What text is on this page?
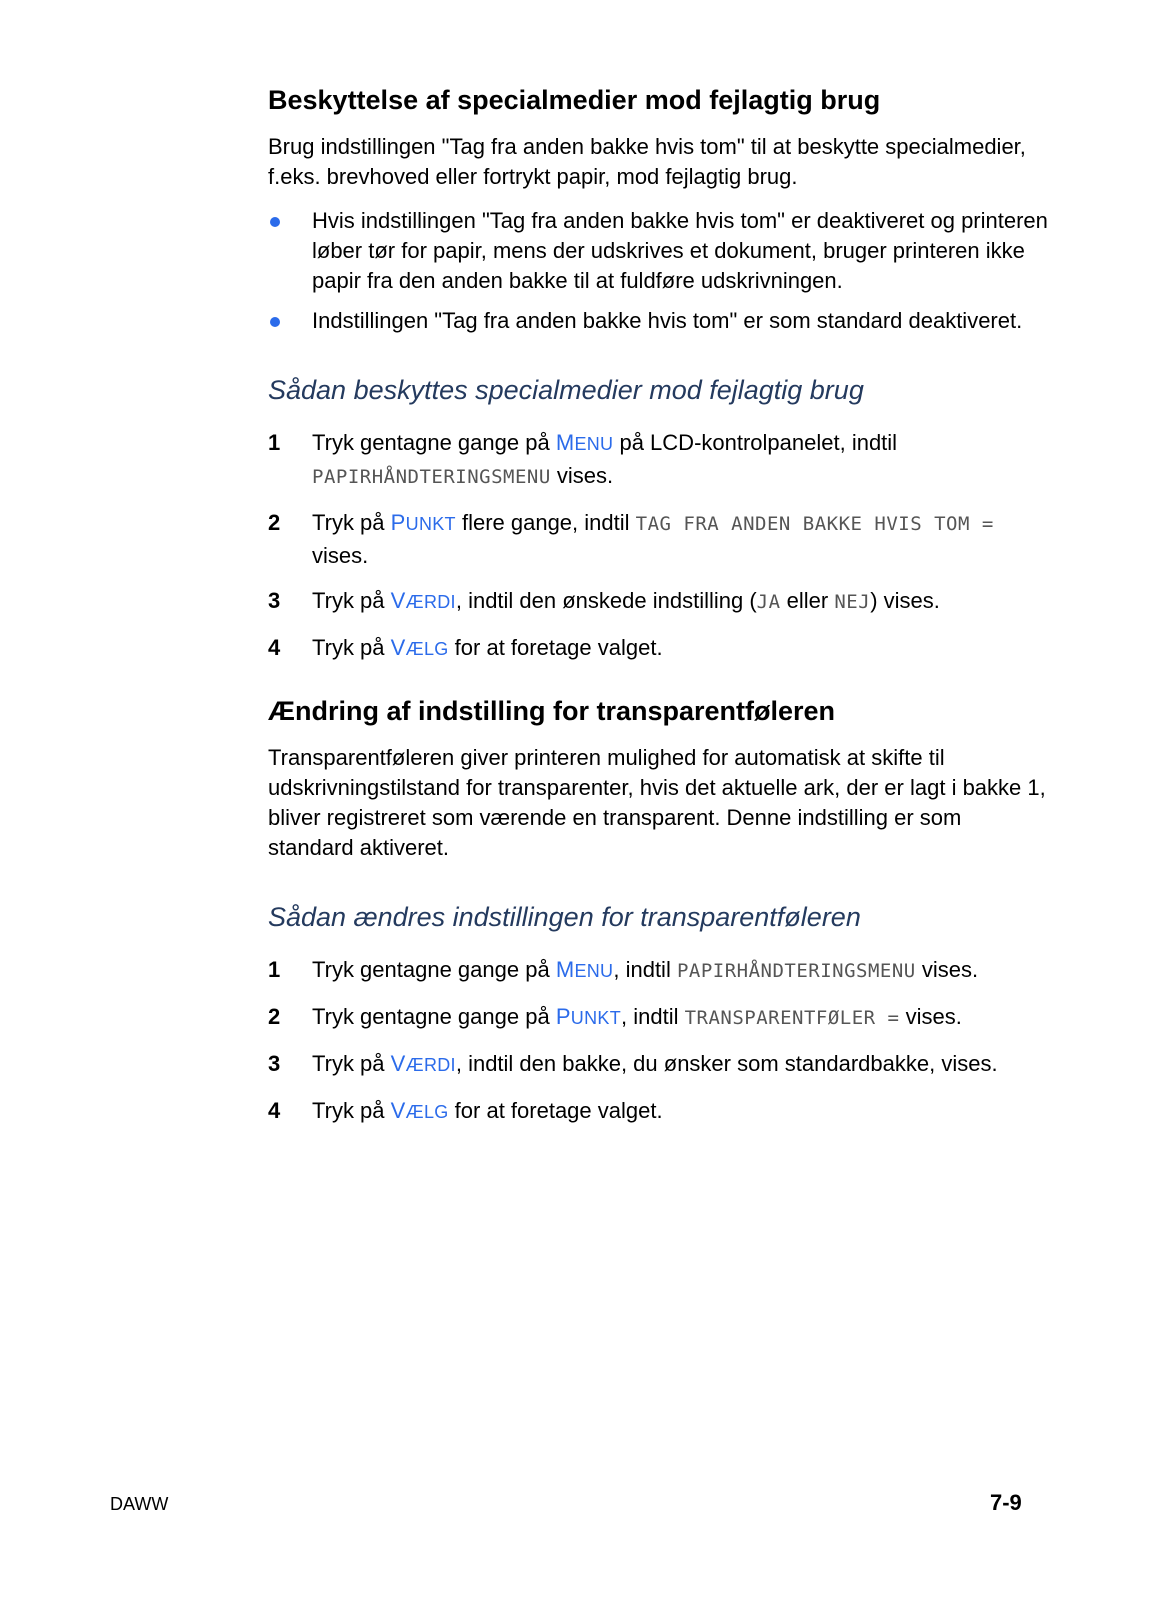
Beskyttelse af specialmedier mod fejlagtig brug

Brug indstillingen "Tag fra anden bakke hvis tom" til at beskytte specialmedier, f.eks. brevhoved eller fortrykt papir, mod fejlagtig brug.

Hvis indstillingen "Tag fra anden bakke hvis tom" er deaktiveret og printeren løber tør for papir, mens der udskrives et dokument, bruger printeren ikke papir fra den anden bakke til at fuldføre udskrivningen.
Indstillingen "Tag fra anden bakke hvis tom" er som standard deaktiveret.
Sådan beskyttes specialmedier mod fejlagtig brug
1 Tryk gentagne gange på MENU på LCD-kontrolpanelet, indtil PAPIRHÅNDTERINGSMENU vises.
2 Tryk på PUNKT flere gange, indtil TAG FRA ANDEN BAKKE HVIS TOM = vises.
3 Tryk på VÆRDI, indtil den ønskede indstilling (JA eller NEJ) vises.
4 Tryk på VÆLG for at foretage valget.
Ændring af indstilling for transparentføleren

Transparentføleren giver printeren mulighed for automatisk at skifte til udskrivningstilstand for transparenter, hvis det aktuelle ark, der er lagt i bakke 1, bliver registreret som værende en transparent. Denne indstilling er som standard aktiveret.

Sådan ændres indstillingen for transparentføleren
1 Tryk gentagne gange på MENU, indtil PAPIRHÅNDTERINGSMENU vises.
2 Tryk gentagne gange på PUNKT, indtil TRANSPARENTFØLER = vises.
3 Tryk på VÆRDI, indtil den bakke, du ønsker som standardbakke, vises.
4 Tryk på VÆLG for at foretage valget.
DAWW	7-9
